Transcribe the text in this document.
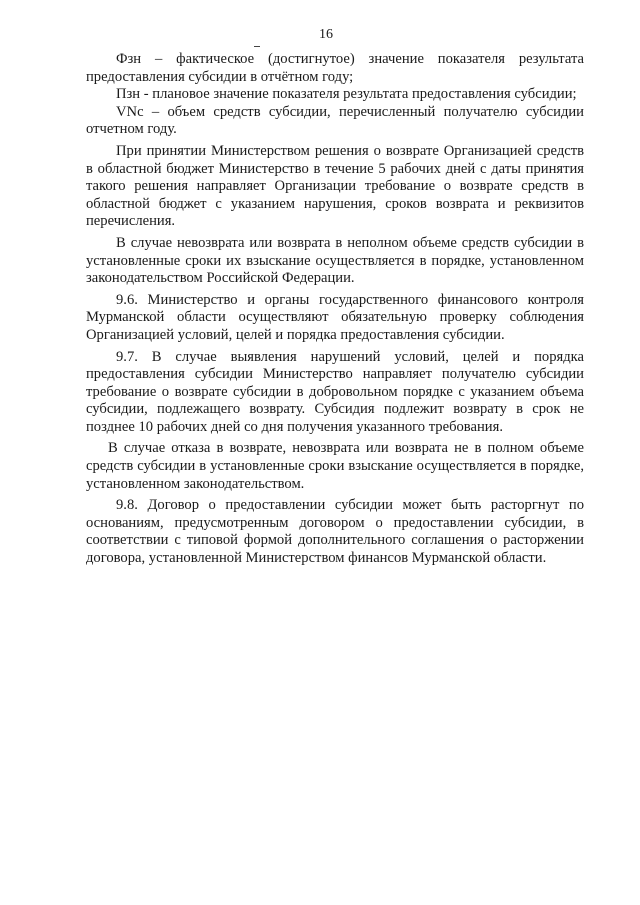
16

Фзн – фактическое (достигнутое) значение показателя результата предоставления субсидии в отчётном году;

Пзн - плановое значение показателя результата предоставления субсидии;

VNс – объем средств субсидии, перечисленный получателю субсидии отчетном году.

При принятии Министерством решения о возврате Организацией средств в областной бюджет Министерство в течение 5 рабочих дней с даты принятия такого решения направляет Организации требование о возврате средств в областной бюджет с указанием нарушения, сроков возврата и реквизитов перечисления.

В случае невозврата или возврата в неполном объеме средств субсидии в установленные сроки их взыскание осуществляется в порядке, установленном законодательством Российской Федерации.

9.6. Министерство и органы государственного финансового контроля Мурманской области осуществляют обязательную проверку соблюдения Организацией условий, целей и порядка предоставления субсидии.

9.7. В случае выявления нарушений условий, целей и порядка предоставления субсидии Министерство направляет получателю субсидии требование о возврате субсидии в добровольном порядке с указанием объема субсидии, подлежащего возврату. Субсидия подлежит возврату в срок не позднее 10 рабочих дней со дня получения указанного требования.

В случае отказа в возврате, невозврата или возврата не в полном объеме средств субсидии в установленные сроки взыскание осуществляется в порядке, установленном законодательством.

9.8. Договор о предоставлении субсидии может быть расторгнут по основаниям, предусмотренным договором о предоставлении субсидии, в соответствии с типовой формой дополнительного соглашения о расторжении договора, установленной Министерством финансов Мурманской области.
